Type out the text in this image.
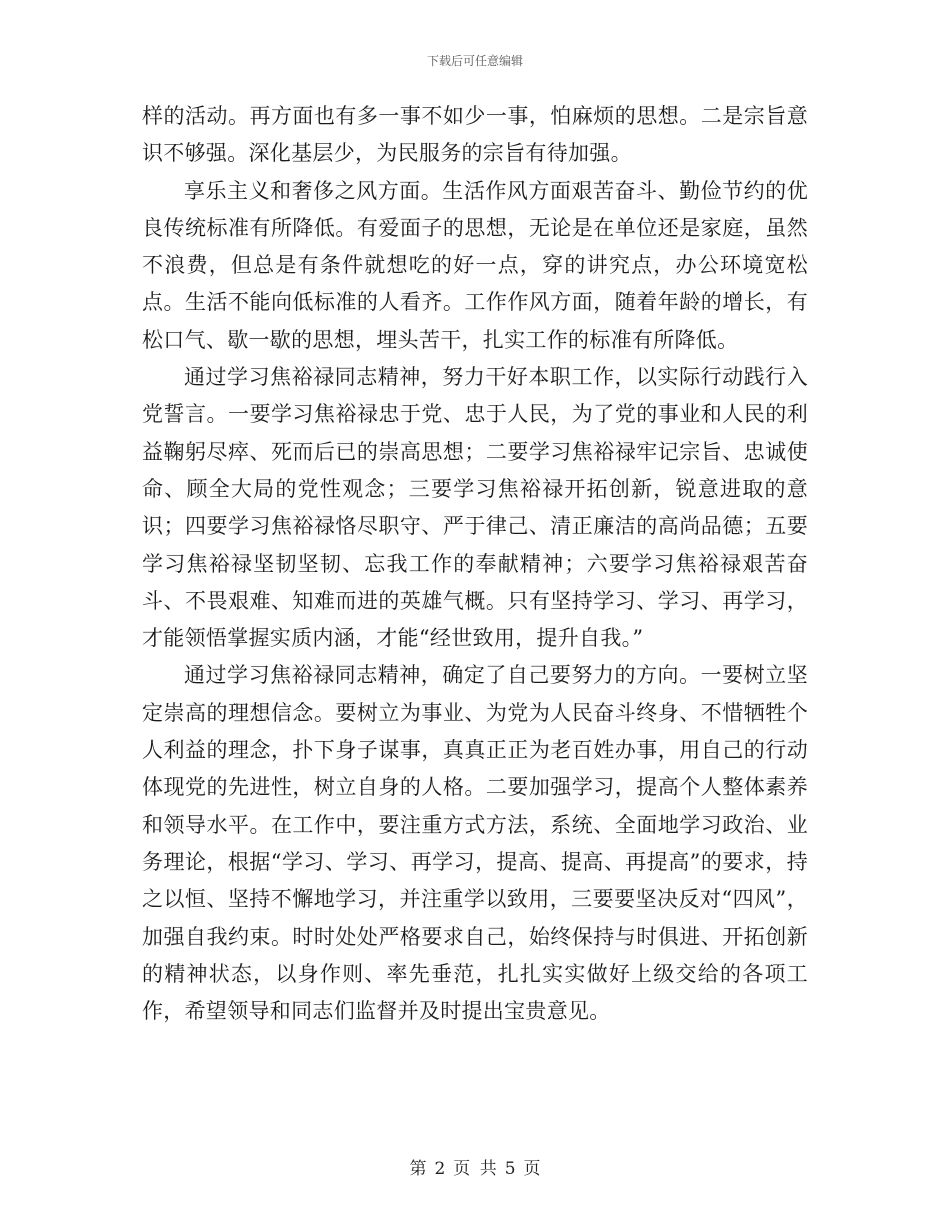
下载后可任意编辑

样的活动。再方面也有多一事不如少一事，怕麻烦的思想。二是宗旨意识不够强。深化基层少，为民服务的宗旨有待加强。

享乐主义和奢侈之风方面。生活作风方面艰苦奋斗、勤俭节约的优良传统标准有所降低。有爱面子的思想，无论是在单位还是家庭，虽然不浪费，但总是有条件就想吃的好一点，穿的讲究点，办公环境宽松点。生活不能向低标准的人看齐。工作作风方面，随着年龄的增长，有松口气、歇一歇的思想，埋头苦干，扎实工作的标准有所降低。

通过学习焦裕禄同志精神，努力干好本职工作，以实际行动践行入党誓言。一要学习焦裕禄忠于党、忠于人民，为了党的事业和人民的利益鞠躬尽瘁、死而后已的崇高思想；二要学习焦裕禄牢记宗旨、忠诚使命、顾全大局的党性观念；三要学习焦裕禄开拓创新，锐意进取的意识；四要学习焦裕禄恪尽职守、严于律己、清正廉洁的高尚品德；五要学习焦裕禄坚韧坚韧、忘我工作的奉献精神；六要学习焦裕禄艰苦奋斗、不畏艰难、知难而进的英雄气概。只有坚持学习、学习、再学习，才能领悟掌握实质内涵，才能“经世致用，提升自我。”

通过学习焦裕禄同志精神，确定了自己要努力的方向。一要树立坚定崇高的理想信念。要树立为事业、为党为人民奋斗终身、不惜牺牲个人利益的理念，扑下身子谋事，真真正正为老百姓办事，用自己的行动体现党的先进性，树立自身的人格。二要加强学习，提高个人整体素养和领导水平。在工作中，要注重方式方法，系统、全面地学习政治、业务理论，根据“学习、学习、再学习，提高、提高、再提高”的要求，持之以恒、坚持不懈地学习，并注重学以致用，三要要坚决反对“四风”，加强自我约束。时时处处严格要求自己，始终保持与时俱进、开拓创新的精神状态，以身作则、率先垂范，扎扎实实做好上级交给的各项工作，希望领导和同志们监督并及时提出宝贵意见。

第 2 页 共 5 页
